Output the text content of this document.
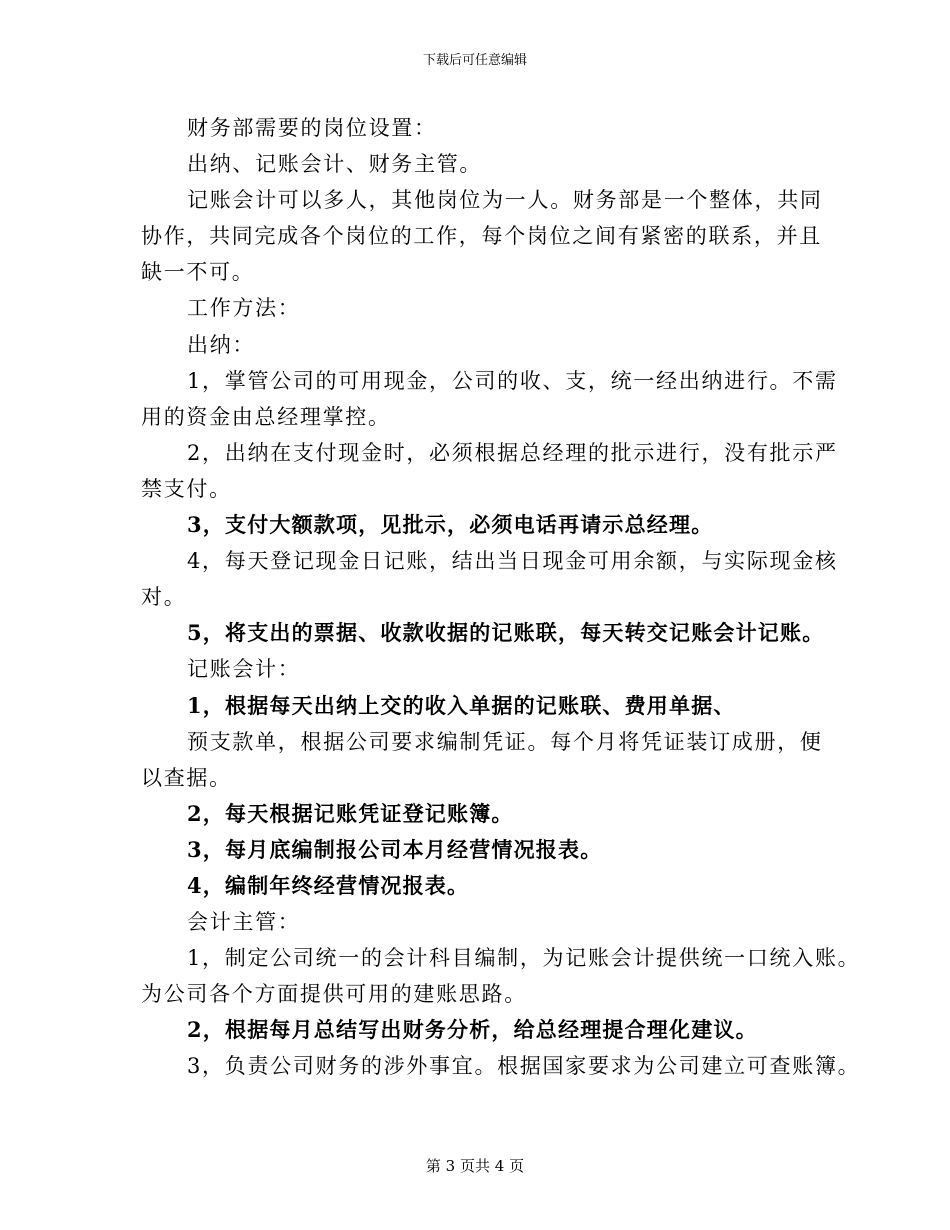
下载后可任意编辑
财务部需要的岗位设置：
出纳、记账会计、财务主管。
记账会计可以多人，其他岗位为一人。财务部是一个整体，共同
协作，共同完成各个岗位的工作，每个岗位之间有紧密的联系，并且
缺一不可。
工作方法：
出纳：
1，掌管公司的可用现金，公司的收、支，统一经出纳进行。不需
用的资金由总经理掌控。
2，出纳在支付现金时，必须根据总经理的批示进行，没有批示严
禁支付。
3，支付大额款项，见批示，必须电话再请示总经理。
4，每天登记现金日记账，结出当日现金可用余额，与实际现金核
对。
5，将支出的票据、收款收据的记账联，每天转交记账会计记账。
记账会计：
1，根据每天出纳上交的收入单据的记账联、费用单据、
预支款单，根据公司要求编制凭证。每个月将凭证装订成册，便
以查据。
2，每天根据记账凭证登记账簿。
3，每月底编制报公司本月经营情况报表。
4，编制年终经营情况报表。
会计主管：
1，制定公司统一的会计科目编制，为记账会计提供统一口统入账。
为公司各个方面提供可用的建账思路。
2，根据每月总结写出财务分析，给总经理提合理化建议。
3，负责公司财务的涉外事宜。根据国家要求为公司建立可查账簿。
第 3 页共 4 页
